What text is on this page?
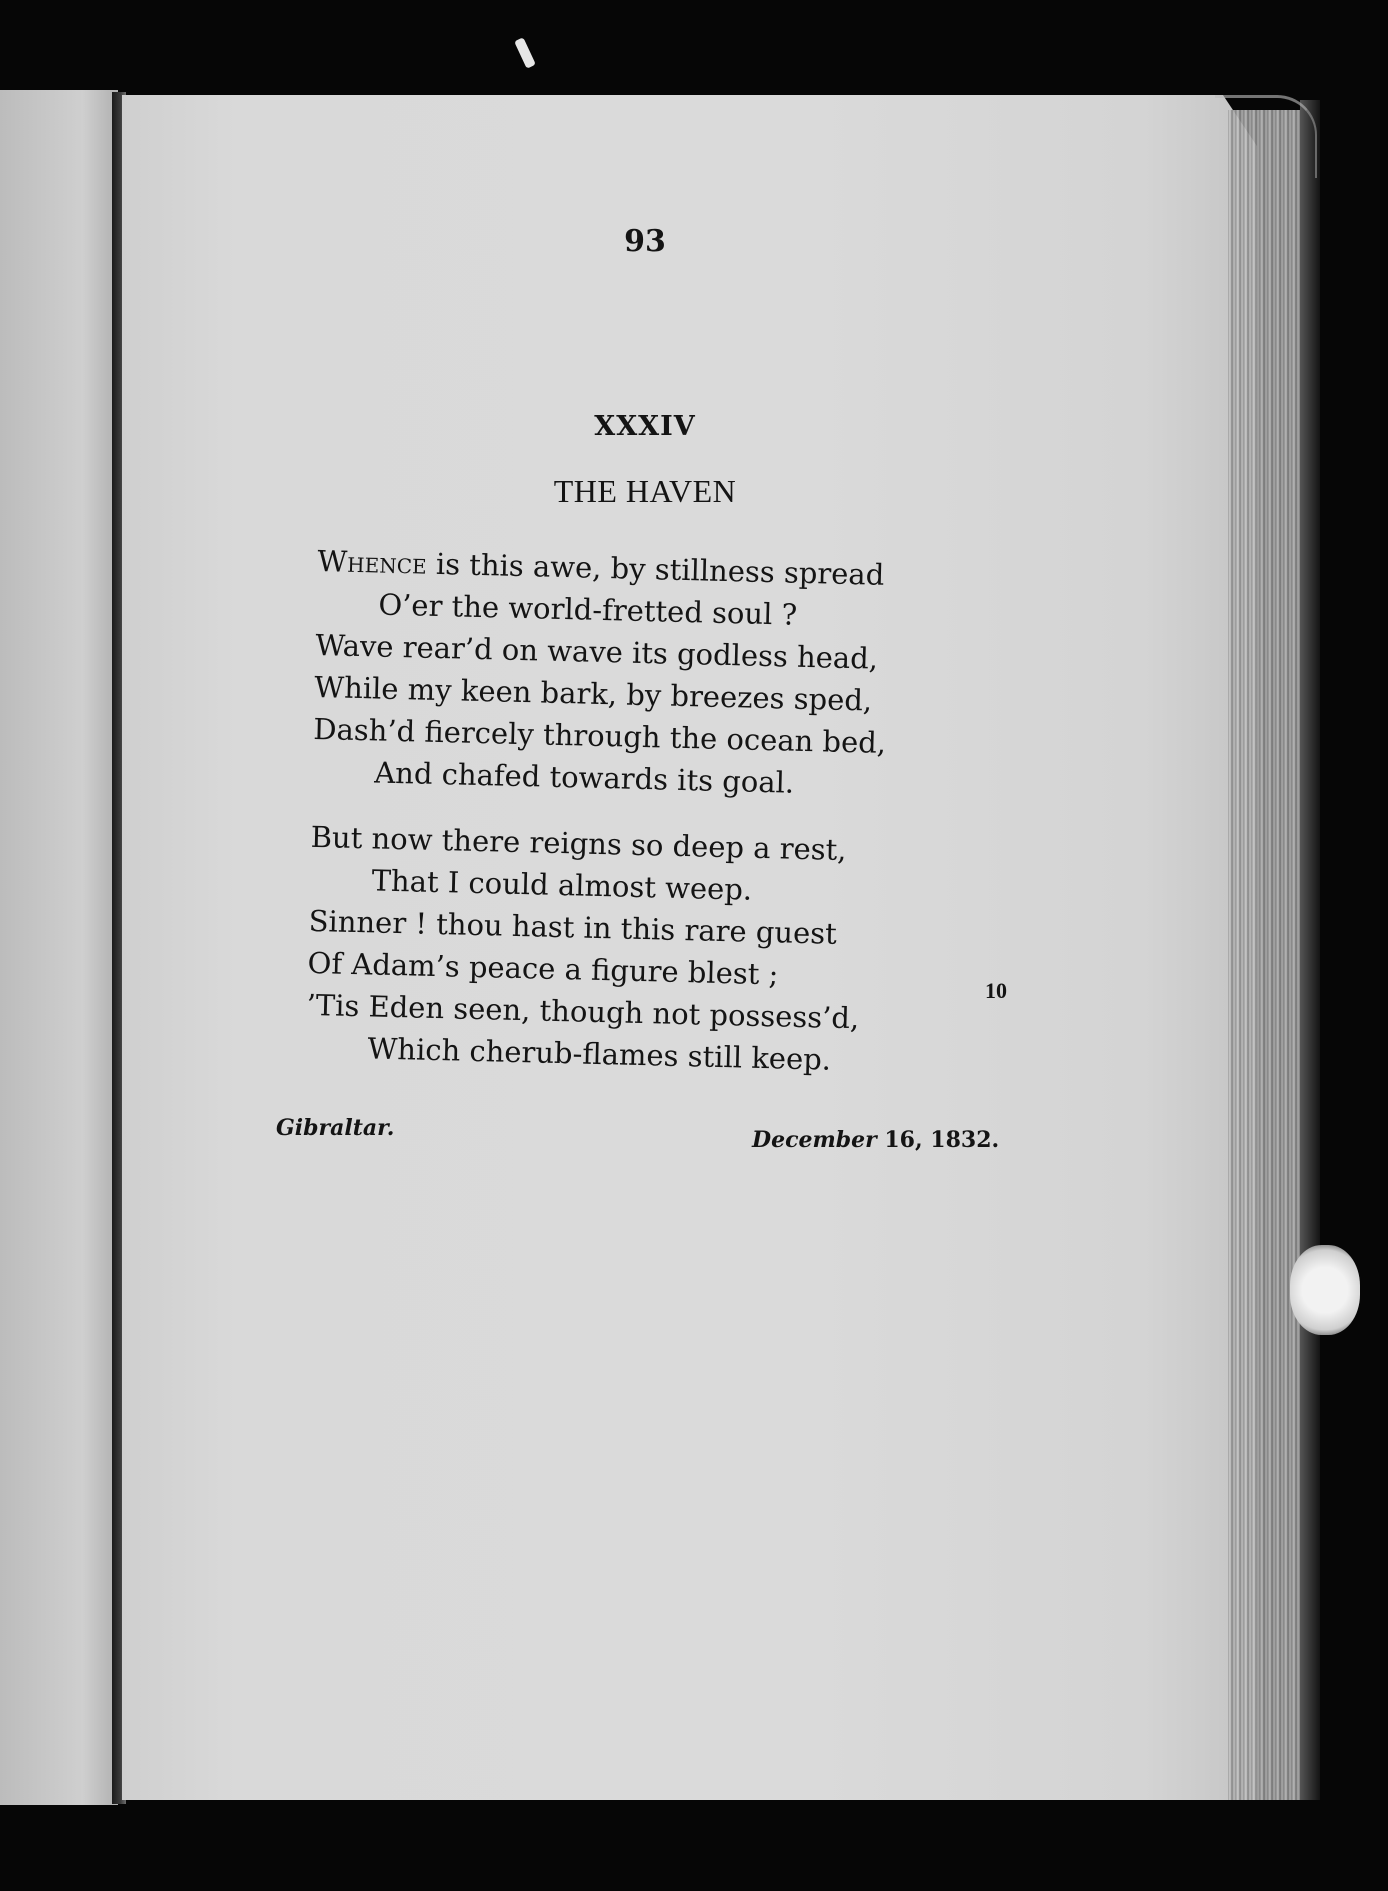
93
XXXIV
THE HAVEN
Whence is this awe, by stillness spread
O’er the world-fretted soul ?
Wave rear’d on wave its godless head,
While my keen bark, by breezes sped,
Dash’d fiercely through the ocean bed,
And chafed towards its goal.
But now there reigns so deep a rest,
That I could almost weep.
Sinner ! thou hast in this rare guest
Of Adam’s peace a figure blest ;
’Tis Eden seen, though not possess’d,
Which cherub-flames still keep.
10
Gibraltar.	December 16, 1832.
